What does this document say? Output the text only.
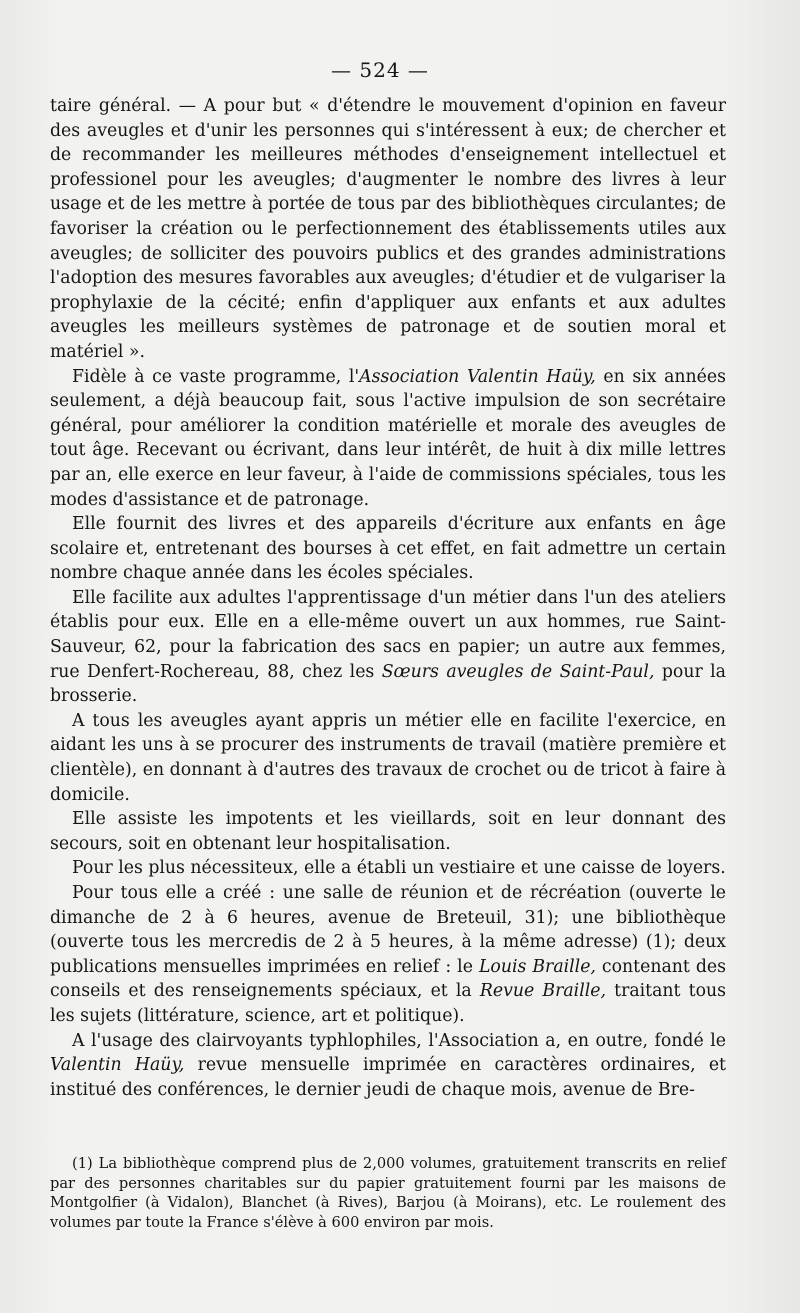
— 524 —

taire général. — A pour but « d'étendre le mouvement d'opinion en faveur des aveugles et d'unir les personnes qui s'intéressent à eux; de chercher et de recommander les meilleures méthodes d'enseignement intellectuel et professionel pour les aveugles; d'augmenter le nombre des livres à leur usage et de les mettre à portée de tous par des bibliothèques circulantes; de favoriser la création ou le perfectionnement des établissements utiles aux aveugles; de solliciter des pouvoirs publics et des grandes administrations l'adoption des mesures favorables aux aveugles; d'étudier et de vulgariser la prophylaxie de la cécité; enfin d'appliquer aux enfants et aux adultes aveugles les meilleurs systèmes de patronage et de soutien moral et matériel ».

Fidèle à ce vaste programme, l'Association Valentin Haüy, en six années seulement, a déjà beaucoup fait, sous l'active impulsion de son secrétaire général, pour améliorer la condition matérielle et morale des aveugles de tout âge. Recevant ou écrivant, dans leur intérêt, de huit à dix mille lettres par an, elle exerce en leur faveur, à l'aide de commissions spéciales, tous les modes d'assistance et de patronage.

Elle fournit des livres et des appareils d'écriture aux enfants en âge scolaire et, entretenant des bourses à cet effet, en fait admettre un certain nombre chaque année dans les écoles spéciales.

Elle facilite aux adultes l'apprentissage d'un métier dans l'un des ateliers établis pour eux. Elle en a elle-même ouvert un aux hommes, rue Saint-Sauveur, 62, pour la fabrication des sacs en papier; un autre aux femmes, rue Denfert-Rochereau, 88, chez les Sœurs aveugles de Saint-Paul, pour la brosserie.

A tous les aveugles ayant appris un métier elle en facilite l'exercice, en aidant les uns à se procurer des instruments de travail (matière première et clientèle), en donnant à d'autres des travaux de crochet ou de tricot à faire à domicile.

Elle assiste les impotents et les vieillards, soit en leur donnant des secours, soit en obtenant leur hospitalisation.

Pour les plus nécessiteux, elle a établi un vestiaire et une caisse de loyers.

Pour tous elle a créé : une salle de réunion et de récréation (ouverte le dimanche de 2 à 6 heures, avenue de Breteuil, 31); une bibliothèque (ouverte tous les mercredis de 2 à 5 heures, à la même adresse) (1); deux publications mensuelles imprimées en relief : le Louis Braille, contenant des conseils et des renseignements spéciaux, et la Revue Braille, traitant tous les sujets (littérature, science, art et politique).

A l'usage des clairvoyants typhlophiles, l'Association a, en outre, fondé le Valentin Haüy, revue mensuelle imprimée en caractères ordinaires, et institué des conférences, le dernier jeudi de chaque mois, avenue de Bre-

(1) La bibliothèque comprend plus de 2,000 volumes, gratuitement transcrits en relief par des personnes charitables sur du papier gratuitement fourni par les maisons de Montgolfier (à Vidalon), Blanchet (à Rives), Barjou (à Moirans), etc. Le roulement des volumes par toute la France s'élève à 600 environ par mois.
